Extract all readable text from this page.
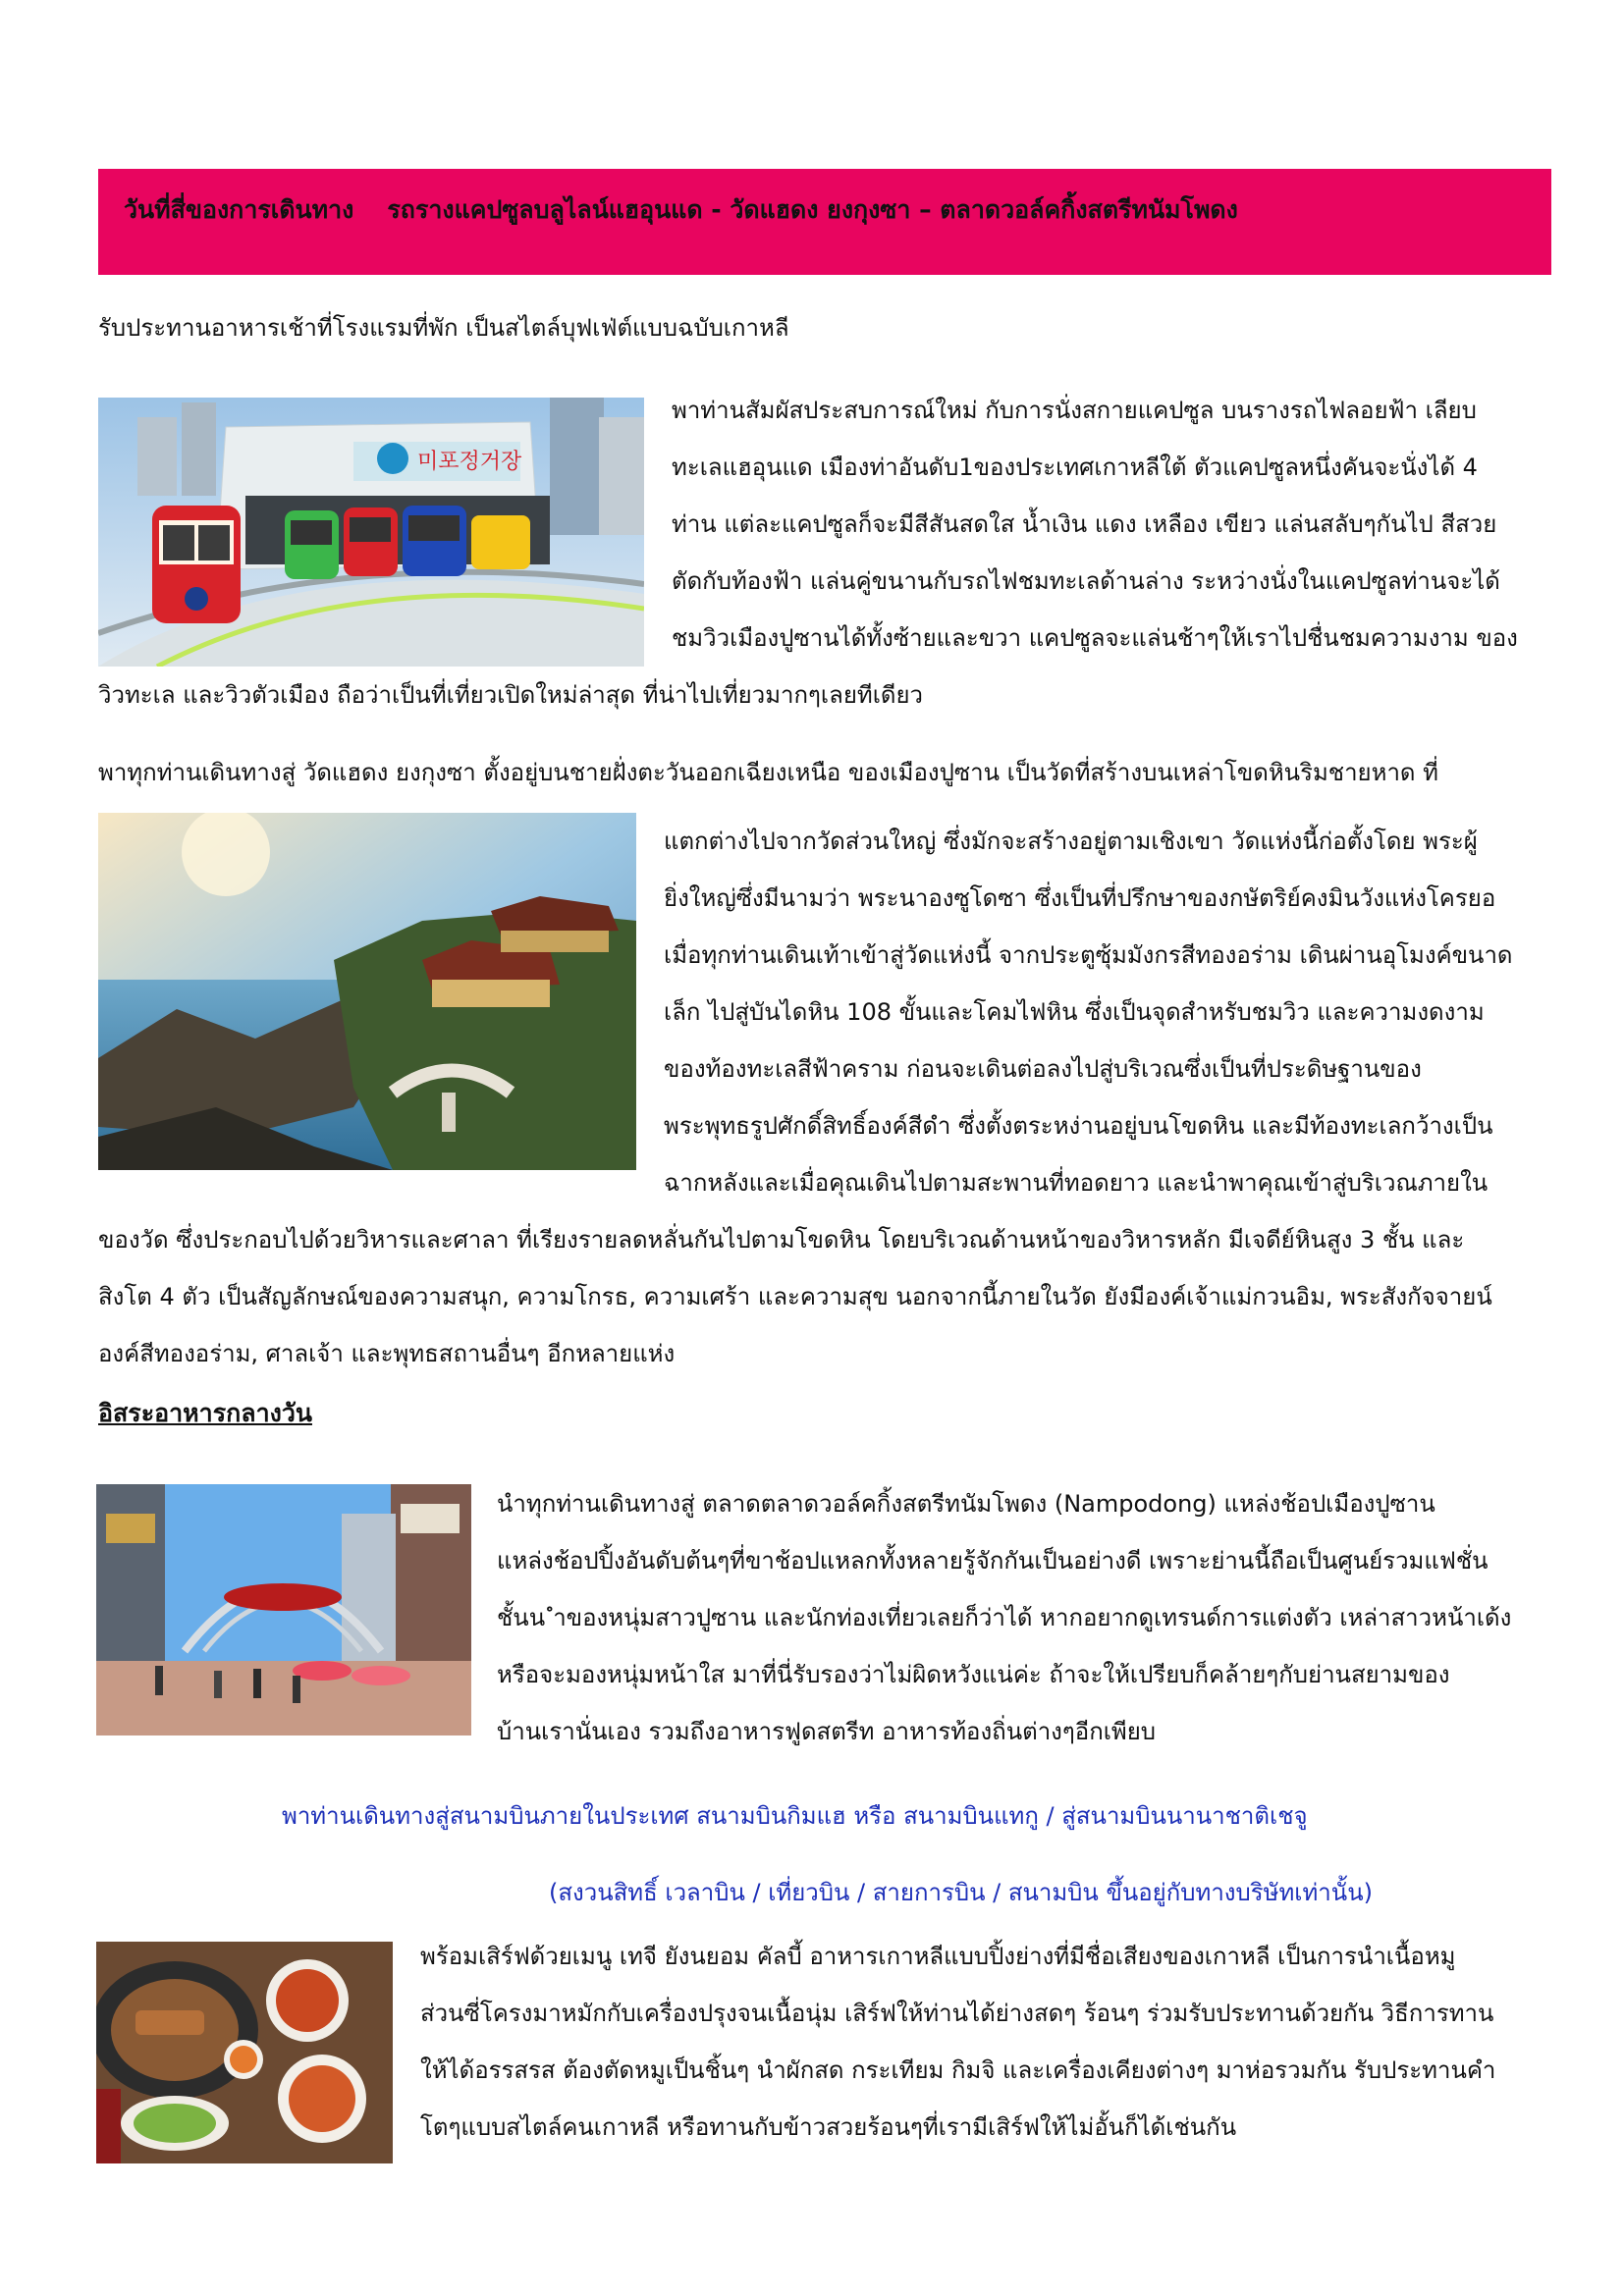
วันที่สี่ของการเดินทาง รถรางแคปซูลบลูไลน์แฮอุนแด - วัดแฮดง ยงกุงซา – ตลาดวอล์คกิ้งสตรีทนัมโพดง
รับประทานอาหารเช้าที่โรงแรมที่พัก เป็นสไตล์บุฟเฟ่ต์แบบฉบับเกาหลี
미포정거장
พาท่านสัมผัสประสบการณ์ใหม่ กับการนั่งสกายแคปซูล บนรางรถไฟลอยฟ้า เลียบ
ทะเลแฮอุนแด เมืองท่าอันดับ1ของประเทศเกาหลีใต้ ตัวแคปซูลหนึ่งคันจะนั่งได้ 4
ท่าน แต่ละแคปซูลก็จะมีสีสันสดใส น้ำเงิน แดง เหลือง เขียว แล่นสลับๆกันไป สีสวย
ตัดกับท้องฟ้า แล่นคู่ขนานกับรถไฟชมทะเลด้านล่าง ระหว่างนั่งในแคปซูลท่านจะได้
ชมวิวเมืองปูซานได้ทั้งซ้ายและขวา แคปซูลจะแล่นช้าๆให้เราไปชื่นชมความงาม ของ
วิวทะเล และวิวตัวเมือง ถือว่าเป็นที่เที่ยวเปิดใหม่ล่าสุด ที่น่าไปเที่ยวมากๆเลยทีเดียว
พาทุกท่านเดินทางสู่ วัดแฮดง ยงกุงซา ตั้งอยู่บนชายฝั่งตะวันออกเฉียงเหนือ ของเมืองปูซาน เป็นวัดที่สร้างบนเหล่าโขดหินริมชายหาด ที่
แตกต่างไปจากวัดส่วนใหญ่ ซึ่งมักจะสร้างอยู่ตามเชิงเขา วัดแห่งนี้ก่อตั้งโดย พระผู้
ยิ่งใหญ่ซึ่งมีนามว่า พระนาองซูโดซา ซึ่งเป็นที่ปรึกษาของกษัตริย์คงมินวังแห่งโครยอ
เมื่อทุกท่านเดินเท้าเข้าสู่วัดแห่งนี้ จากประตูซุ้มมังกรสีทองอร่าม เดินผ่านอุโมงค์ขนาด
เล็ก ไปสู่บันไดหิน 108 ขั้นและโคมไฟหิน ซึ่งเป็นจุดสำหรับชมวิว และความงดงาม
ของท้องทะเลสีฟ้าคราม ก่อนจะเดินต่อลงไปสู่บริเวณซึ่งเป็นที่ประดิษฐานของ
พระพุทธรูปศักดิ์สิทธิ์องค์สีดำ ซึ่งตั้งตระหง่านอยู่บนโขดหิน และมีท้องทะเลกว้างเป็น
ฉากหลังและเมื่อคุณเดินไปตามสะพานที่ทอดยาว และนำพาคุณเข้าสู่บริเวณภายใน
ของวัด ซึ่งประกอบไปด้วยวิหารและศาลา ที่เรียงรายลดหลั่นกันไปตามโขดหิน โดยบริเวณด้านหน้าของวิหารหลัก มีเจดีย์หินสูง 3 ชั้น และ
สิงโต 4 ตัว เป็นสัญลักษณ์ของความสนุก, ความโกรธ, ความเศร้า และความสุข นอกจากนี้ภายในวัด ยังมีองค์เจ้าแม่กวนอิม, พระสังกัจจายน์
องค์สีทองอร่าม, ศาลเจ้า และพุทธสถานอื่นๆ อีกหลายแห่ง
อิสระอาหารกลางวัน
นำทุกท่านเดินทางสู่ ตลาดตลาดวอล์คกิ้งสตรีทนัมโพดง (Nampodong) แหล่งช้อปเมืองปูซาน
แหล่งช้อปปิ้งอันดับต้นๆที่ขาช้อปแหลกทั้งหลายรู้จักกันเป็นอย่างดี เพราะย่านนี้ถือเป็นศูนย์รวมแฟชั่น
ชั้นน ำของหนุ่มสาวปูซาน และนักท่องเที่ยวเลยก็ว่าได้ หากอยากดูเทรนด์การแต่งตัว เหล่าสาวหน้าเด้ง
หรือจะมองหนุ่มหน้าใส มาที่นี่รับรองว่าไม่ผิดหวังแน่ค่ะ ถ้าจะให้เปรียบก็คล้ายๆกับย่านสยามของ
บ้านเรานั่นเอง รวมถึงอาหารฟูดสตรีท อาหารท้องถิ่นต่างๆอีกเพียบ
พาท่านเดินทางสู่สนามบินภายในประเทศ สนามบินกิมแฮ หรือ สนามบินแทกู / สู่สนามบินนานาชาติเชจู
(สงวนสิทธิ์ เวลาบิน / เที่ยวบิน / สายการบิน / สนามบิน ขึ้นอยู่กับทางบริษัทเท่านั้น)
พร้อมเสิร์ฟด้วยเมนู เทจี ยังนยอม คัลบี้ อาหารเกาหลีแบบปิ้งย่างที่มีชื่อเสียงของเกาหลี เป็นการนำเนื้อหมู
ส่วนซี่โครงมาหมักกับเครื่องปรุงจนเนื้อนุ่ม เสิร์ฟให้ท่านได้ย่างสดๆ ร้อนๆ ร่วมรับประทานด้วยกัน วิธีการทาน
ให้ได้อรรสรส ต้องตัดหมูเป็นชิ้นๆ นำผักสด กระเทียม กิมจิ และเครื่องเคียงต่างๆ มาห่อรวมกัน รับประทานคำ
โตๆแบบสไตล์คนเกาหลี หรือทานกับข้าวสวยร้อนๆที่เรามีเสิร์ฟให้ไม่อั้นก็ได้เช่นกัน
